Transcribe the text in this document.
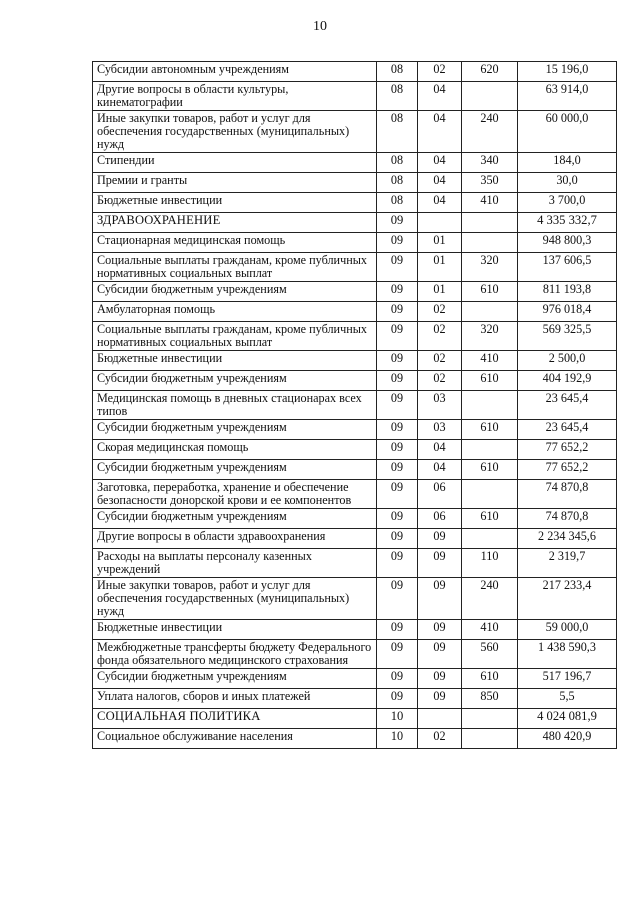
10
Субсидии автономным учреждениям	08	02	620	15 196,0
Другие вопросы в области культуры, кинематографии	08	04		63 914,0
Иные закупки товаров, работ и услуг для обеспечения государственных (муниципальных) нужд	08	04	240	60 000,0
Стипендии	08	04	340	184,0
Премии и гранты	08	04	350	30,0
Бюджетные инвестиции	08	04	410	3 700,0
ЗДРАВООХРАНЕНИЕ	09			4 335 332,7
Стационарная медицинская помощь	09	01		948 800,3
Социальные выплаты гражданам, кроме публичных нормативных социальных выплат	09	01	320	137 606,5
Субсидии бюджетным учреждениям	09	01	610	811 193,8
Амбулаторная помощь	09	02		976 018,4
Социальные выплаты гражданам, кроме публичных нормативных социальных выплат	09	02	320	569 325,5
Бюджетные инвестиции	09	02	410	2 500,0
Субсидии бюджетным учреждениям	09	02	610	404 192,9
Медицинская помощь в дневных стационарах всех типов	09	03		23 645,4
Субсидии бюджетным учреждениям	09	03	610	23 645,4
Скорая медицинская помощь	09	04		77 652,2
Субсидии бюджетным учреждениям	09	04	610	77 652,2
Заготовка, переработка, хранение и обеспечение безопасности донорской крови и ее компонентов	09	06		74 870,8
Субсидии бюджетным учреждениям	09	06	610	74 870,8
Другие вопросы в области здравоохранения	09	09		2 234 345,6
Расходы на выплаты персоналу казенных учреждений	09	09	110	2 319,7
Иные закупки товаров, работ и услуг для обеспечения государственных (муниципальных) нужд	09	09	240	217 233,4
Бюджетные инвестиции	09	09	410	59 000,0
Межбюджетные трансферты бюджету Федерального фонда обязательного медицинского страхования	09	09	560	1 438 590,3
Субсидии бюджетным учреждениям	09	09	610	517 196,7
Уплата налогов, сборов и иных платежей	09	09	850	5,5
СОЦИАЛЬНАЯ ПОЛИТИКА	10			4 024 081,9
Социальное обслуживание населения	10	02		480 420,9
